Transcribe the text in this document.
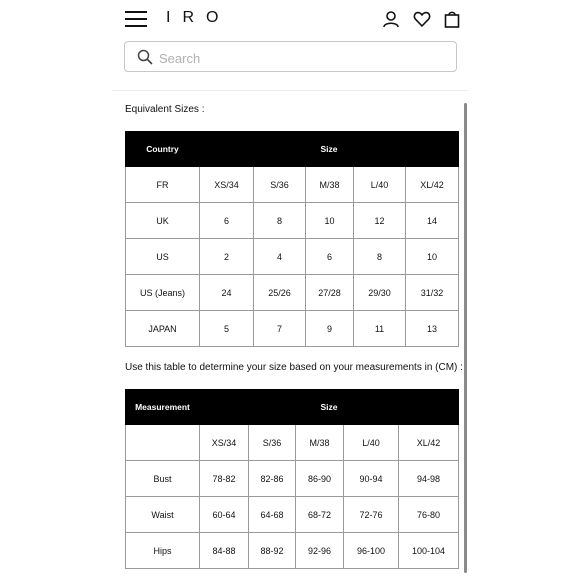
IRO
Search
Equivalent Sizes :
Country	Size				
FR	XS/34	S/36	M/38	L/40	XL/42
UK	6	8	10	12	14
US	2	4	6	8	10
US (Jeans)	24	25/26	27/28	29/30	31/32
JAPAN	5	7	9	11	13
Use this table to determine your size based on your measurements in (CM) :
Measurement	Size				
	XS/34	S/36	M/38	L/40	XL/42
Bust	78-82	82-86	86-90	90-94	94-98
Waist	60-64	64-68	68-72	72-76	76-80
Hips	84-88	88-92	92-96	96-100	100-104
